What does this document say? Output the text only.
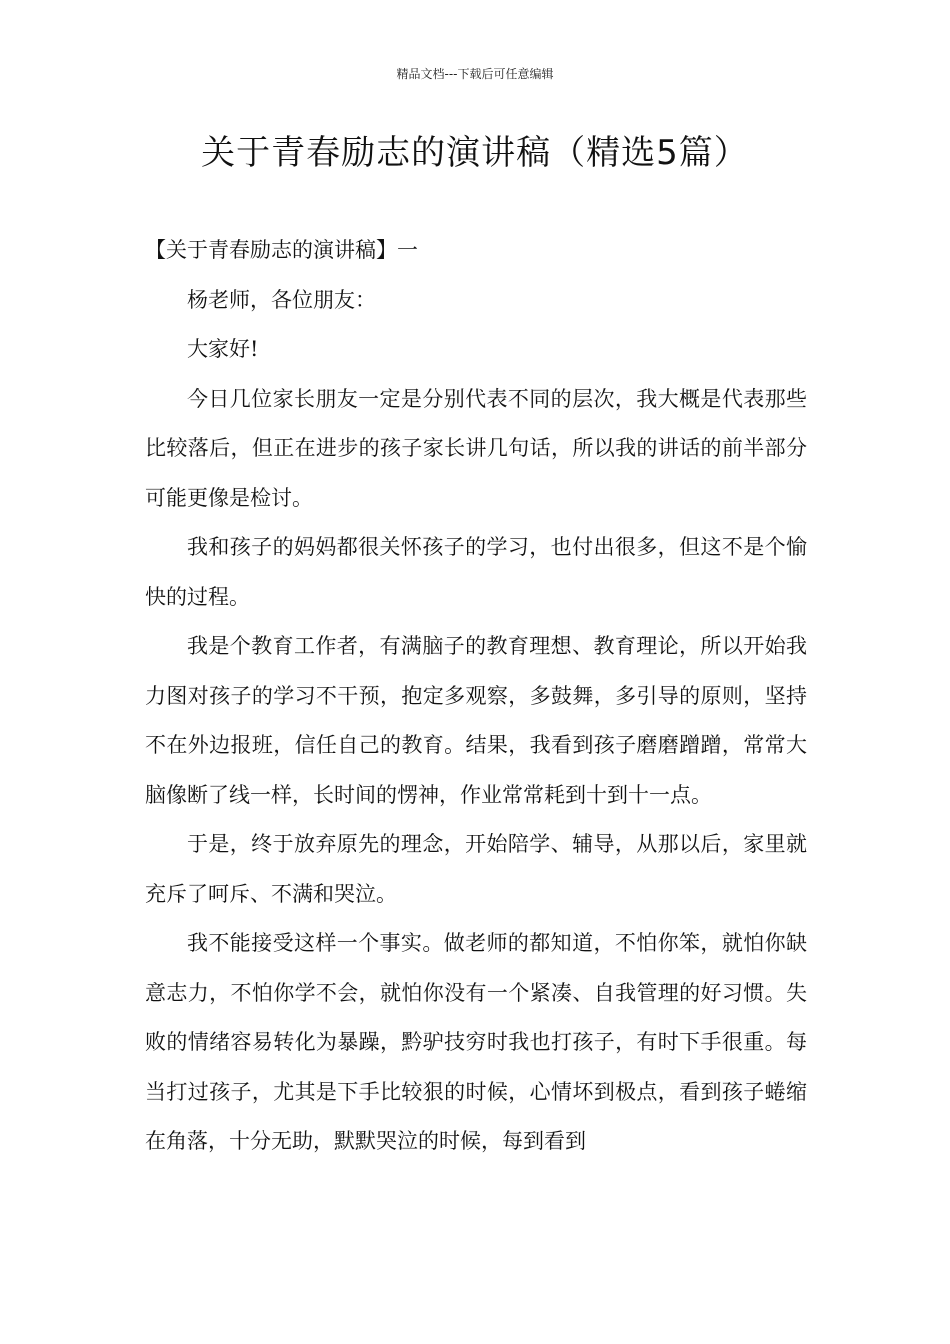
精品文档---下载后可任意编辑
关于青春励志的演讲稿（精选5篇）

【关于青春励志的演讲稿】一

杨老师，各位朋友：

大家好!

今日几位家长朋友一定是分别代表不同的层次，我大概是代表那些比较落后，但正在进步的孩子家长讲几句话，所以我的讲话的前半部分可能更像是检讨。

我和孩子的妈妈都很关怀孩子的学习，也付出很多，但这不是个愉快的过程。

我是个教育工作者，有满脑子的教育理想、教育理论，所以开始我力图对孩子的学习不干预，抱定多观察，多鼓舞，多引导的原则，坚持不在外边报班，信任自己的教育。结果，我看到孩子磨磨蹭蹭，常常大脑像断了线一样，长时间的愣神，作业常常耗到十到十一点。

于是，终于放弃原先的理念，开始陪学、辅导，从那以后，家里就充斥了呵斥、不满和哭泣。

我不能接受这样一个事实。做老师的都知道，不怕你笨，就怕你缺意志力，不怕你学不会，就怕你没有一个紧凑、自我管理的好习惯。失败的情绪容易转化为暴躁，黔驴技穷时我也打孩子，有时下手很重。每当打过孩子，尤其是下手比较狠的时候，心情坏到极点，看到孩子蜷缩在角落，十分无助，默默哭泣的时候，每到看到
